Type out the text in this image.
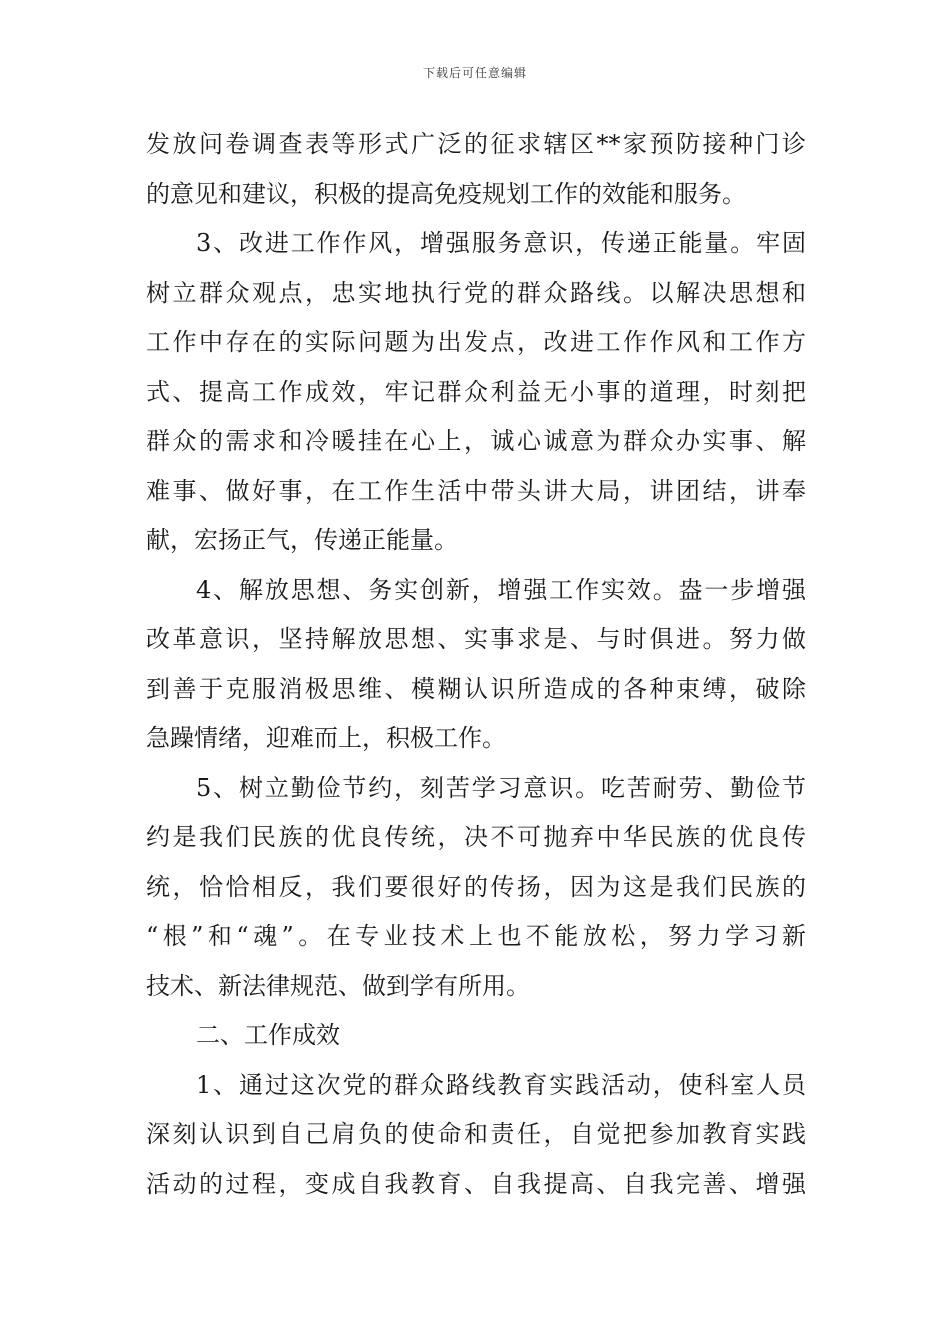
下载后可任意编辑
发放问卷调查表等形式广泛的征求辖区**家预防接种门诊
的意见和建议，积极的提高免疫规划工作的效能和服务。
3、改进工作作风，增强服务意识，传递正能量。牢固
树立群众观点，忠实地执行党的群众路线。以解决思想和
工作中存在的实际问题为出发点，改进工作作风和工作方
式、提高工作成效，牢记群众利益无小事的道理，时刻把
群众的需求和冷暖挂在心上，诚心诚意为群众办实事、解
难事、做好事，在工作生活中带头讲大局，讲团结，讲奉
献，宏扬正气，传递正能量。
4、解放思想、务实创新，增强工作实效。盎一步增强
改革意识，坚持解放思想、实事求是、与时俱进。努力做
到善于克服消极思维、模糊认识所造成的各种束缚，破除
急躁情绪，迎难而上，积极工作。
5、树立勤俭节约，刻苦学习意识。吃苦耐劳、勤俭节
约是我们民族的优良传统，决不可抛弃中华民族的优良传
统，恰恰相反，我们要很好的传扬，因为这是我们民族的
“根”和“魂”。在专业技术上也不能放松，努力学习新
技术、新法律规范、做到学有所用。
二、工作成效
1、通过这次党的群众路线教育实践活动，使科室人员
深刻认识到自己肩负的使命和责任，自觉把参加教育实践
活动的过程，变成自我教育、自我提高、自我完善、增强
